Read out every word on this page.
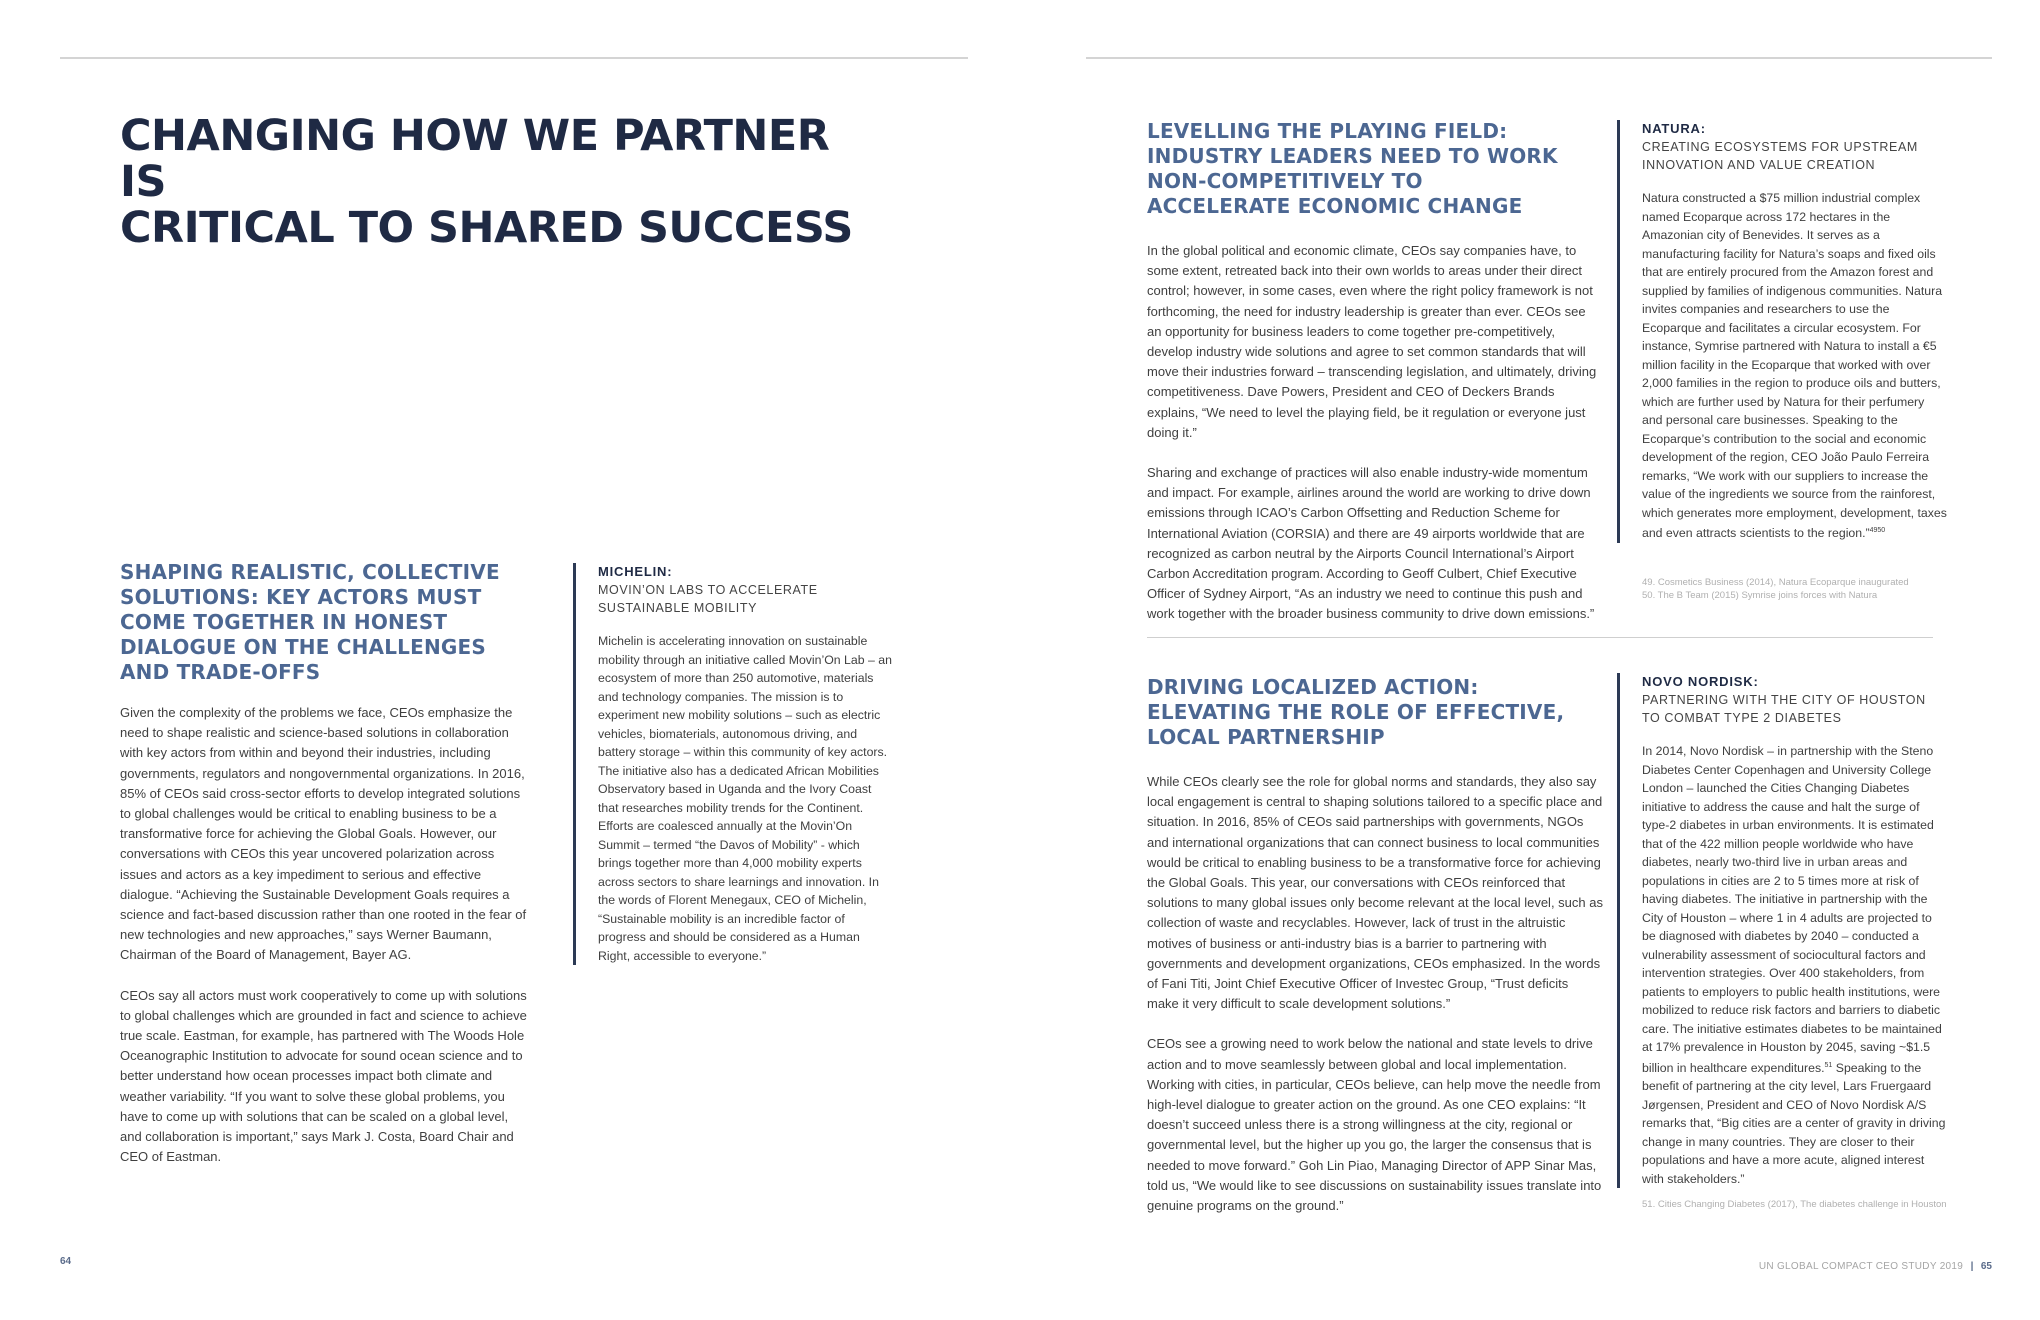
CHANGING HOW WE PARTNER IS
CRITICAL TO SHARED SUCCESS
SHAPING REALISTIC, COLLECTIVE SOLUTIONS: KEY ACTORS MUST COME TOGETHER IN HONEST DIALOGUE ON THE CHALLENGES AND TRADE-OFFS

Given the complexity of the problems we face, CEOs emphasize the need to shape realistic and science-based solutions in collaboration with key actors from within and beyond their industries, including governments, regulators and nongovernmental organizations. In 2016, 85% of CEOs said cross-sector efforts to develop integrated solutions to global challenges would be critical to enabling business to be a transformative force for achieving the Global Goals. However, our conversations with CEOs this year uncovered polarization across issues and actors as a key impediment to serious and effective dialogue. “Achieving the Sustainable Development Goals requires a science and fact-based discussion rather than one rooted in the fear of new technologies and new approaches,” says Werner Baumann, Chairman of the Board of Management, Bayer AG.

CEOs say all actors must work cooperatively to come up with solutions to global challenges which are grounded in fact and science to achieve true scale. Eastman, for example, has partnered with The Woods Hole Oceanographic Institution to advocate for sound ocean science and to better understand how ocean processes impact both climate and weather variability. “If you want to solve these global problems, you have to come up with solutions that can be scaled on a global level, and collaboration is important,” says Mark J. Costa, Board Chair and CEO of Eastman.

MICHELIN:

MOVIN’ON LABS TO ACCELERATE SUSTAINABLE MOBILITY

Michelin is accelerating innovation on sustainable mobility through an initiative called Movin’On Lab – an ecosystem of more than 250 automotive, materials and technology companies. The mission is to experiment new mobility solutions – such as electric vehicles, biomaterials, autonomous driving, and battery storage – within this community of key actors. The initiative also has a dedicated African Mobilities Observatory based in Uganda and the Ivory Coast that researches mobility trends for the Continent. Efforts are coalesced annually at the Movin’On Summit – termed “the Davos of Mobility” - which brings together more than 4,000 mobility experts across sectors to share learnings and innovation. In the words of Florent Menegaux, CEO of Michelin, “Sustainable mobility is an incredible factor of progress and should be considered as a Human Right, accessible to everyone.”

64
LEVELLING THE PLAYING FIELD: INDUSTRY LEADERS NEED TO WORK NON-COMPETITIVELY TO ACCELERATE ECONOMIC CHANGE

In the global political and economic climate, CEOs say companies have, to some extent, retreated back into their own worlds to areas under their direct control; however, in some cases, even where the right policy framework is not forthcoming, the need for industry leadership is greater than ever. CEOs see an opportunity for business leaders to come together pre-competitively, develop industry wide solutions and agree to set common standards that will move their industries forward – transcending legislation, and ultimately, driving competitiveness. Dave Powers, President and CEO of Deckers Brands explains, “We need to level the playing field, be it regulation or everyone just doing it.”

Sharing and exchange of practices will also enable industry-wide momentum and impact. For example, airlines around the world are working to drive down emissions through ICAO’s Carbon Offsetting and Reduction Scheme for International Aviation (CORSIA) and there are 49 airports worldwide that are recognized as carbon neutral by the Airports Council International’s Airport Carbon Accreditation program. According to Geoff Culbert, Chief Executive Officer of Sydney Airport, “As an industry we need to continue this push and work together with the broader business community to drive down emissions.”

NATURA:

CREATING ECOSYSTEMS FOR UPSTREAM INNOVATION AND VALUE CREATION

Natura constructed a $75 million industrial complex named Ecoparque across 172 hectares in the Amazonian city of Benevides. It serves as a manufacturing facility for Natura’s soaps and fixed oils that are entirely procured from the Amazon forest and supplied by families of indigenous communities. Natura invites companies and researchers to use the Ecoparque and facilitates a circular ecosystem. For instance, Symrise partnered with Natura to install a €5 million facility in the Ecoparque that worked with over 2,000 families in the region to produce oils and butters, which are further used by Natura for their perfumery and personal care businesses. Speaking to the Ecoparque’s contribution to the social and economic development of the region, CEO João Paulo Ferreira remarks, “We work with our suppliers to increase the value of the ingredients we source from the rainforest, which generates more employment, development, taxes and even attracts scientists to the region.”$^{4950}$

49. Cosmetics Business (2014), Natura Ecoparque inaugurated

50. The B Team (2015) Symrise joins forces with Natura

DRIVING LOCALIZED ACTION: ELEVATING THE ROLE OF EFFECTIVE, LOCAL PARTNERSHIP

While CEOs clearly see the role for global norms and standards, they also say local engagement is central to shaping solutions tailored to a specific place and situation. In 2016, 85% of CEOs said partnerships with governments, NGOs and international organizations that can connect business to local communities would be critical to enabling business to be a transformative force for achieving the Global Goals. This year, our conversations with CEOs reinforced that solutions to many global issues only become relevant at the local level, such as collection of waste and recyclables. However, lack of trust in the altruistic motives of business or anti-industry bias is a barrier to partnering with governments and development organizations, CEOs emphasized. In the words of Fani Titi, Joint Chief Executive Officer of Investec Group, “Trust deficits make it very difficult to scale development solutions.”

CEOs see a growing need to work below the national and state levels to drive action and to move seamlessly between global and local implementation. Working with cities, in particular, CEOs believe, can help move the needle from high-level dialogue to greater action on the ground. As one CEO explains: “It doesn’t succeed unless there is a strong willingness at the city, regional or governmental level, but the higher up you go, the larger the consensus that is needed to move forward.” Goh Lin Piao, Managing Director of APP Sinar Mas, told us, “We would like to see discussions on sustainability issues translate into genuine programs on the ground.”

NOVO NORDISK:

PARTNERING WITH THE CITY OF HOUSTON TO COMBAT TYPE 2 DIABETES

In 2014, Novo Nordisk – in partnership with the Steno Diabetes Center Copenhagen and University College London – launched the Cities Changing Diabetes initiative to address the cause and halt the surge of type-2 diabetes in urban environments. It is estimated that of the 422 million people worldwide who have diabetes, nearly two-third live in urban areas and populations in cities are 2 to 5 times more at risk of having diabetes. The initiative in partnership with the City of Houston – where 1 in 4 adults are projected to be diagnosed with diabetes by 2040 – conducted a vulnerability assessment of sociocultural factors and intervention strategies. Over 400 stakeholders, from patients to employers to public health institutions, were mobilized to reduce risk factors and barriers to diabetic care. The initiative estimates diabetes to be maintained at 17% prevalence in Houston by 2045, saving ~$1.5 billion in healthcare expenditures.$^{51}$ Speaking to the benefit of partnering at the city level, Lars Fruergaard Jørgensen, President and CEO of Novo Nordisk A/S remarks that, “Big cities are a center of gravity in driving change in many countries. They are closer to their populations and have a more acute, aligned interest with stakeholders.”

51. Cities Changing Diabetes (2017), The diabetes challenge in Houston

UN GLOBAL COMPACT CEO STUDY 2019 | 65
